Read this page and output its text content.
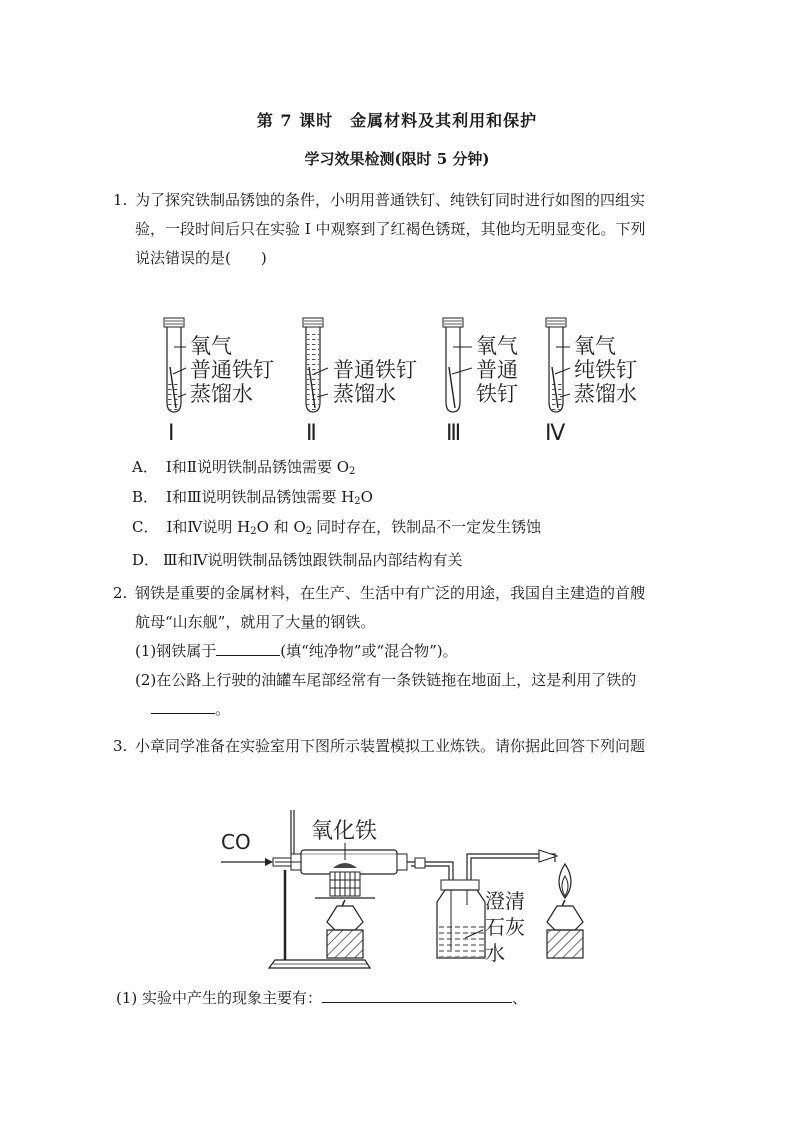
第 7 课时　金属材料及其利用和保护
学习效果检测(限时 5 分钟)
1. 为了探究铁制品锈蚀的条件，小明用普通铁钉、纯铁钉同时进行如图的四组实
验，一段时间后只在实验 I 中观察到了红褐色锈斑，其他均无明显变化。下列
说法错误的是(　　)
氧气
普通铁钉
蒸馏水
I
普通铁钉
蒸馏水
Ⅱ
氧气
普通
铁钉
Ⅲ
氧气
纯铁钉
蒸馏水
Ⅳ
A． Ⅰ和Ⅱ说明铁制品锈蚀需要 $O_2$
B． Ⅰ和Ⅲ说明铁制品锈蚀需要 $H_2O$
C． Ⅰ和Ⅳ说明 $H_2O$ 和 $O_2$ 同时存在，铁制品不一定发生锈蚀
D． Ⅲ和Ⅳ说明铁制品锈蚀跟铁制品内部结构有关
2. 钢铁是重要的金属材料，在生产、生活中有广泛的用途，我国自主建造的首艘
航母“山东舰”，就用了大量的钢铁。
(1)钢铁属于	(填“纯净物”或“混合物”)。
(2)在公路上行驶的油罐车尾部经常有一条铁链拖在地面上，这是利用了铁的
。
3. 小章同学准备在实验室用下图所示装置模拟工业炼铁。请你据此回答下列问题
CO	氧化铁
澄清
石灰
水
(1) 实验中产生的现象主要有：	、
